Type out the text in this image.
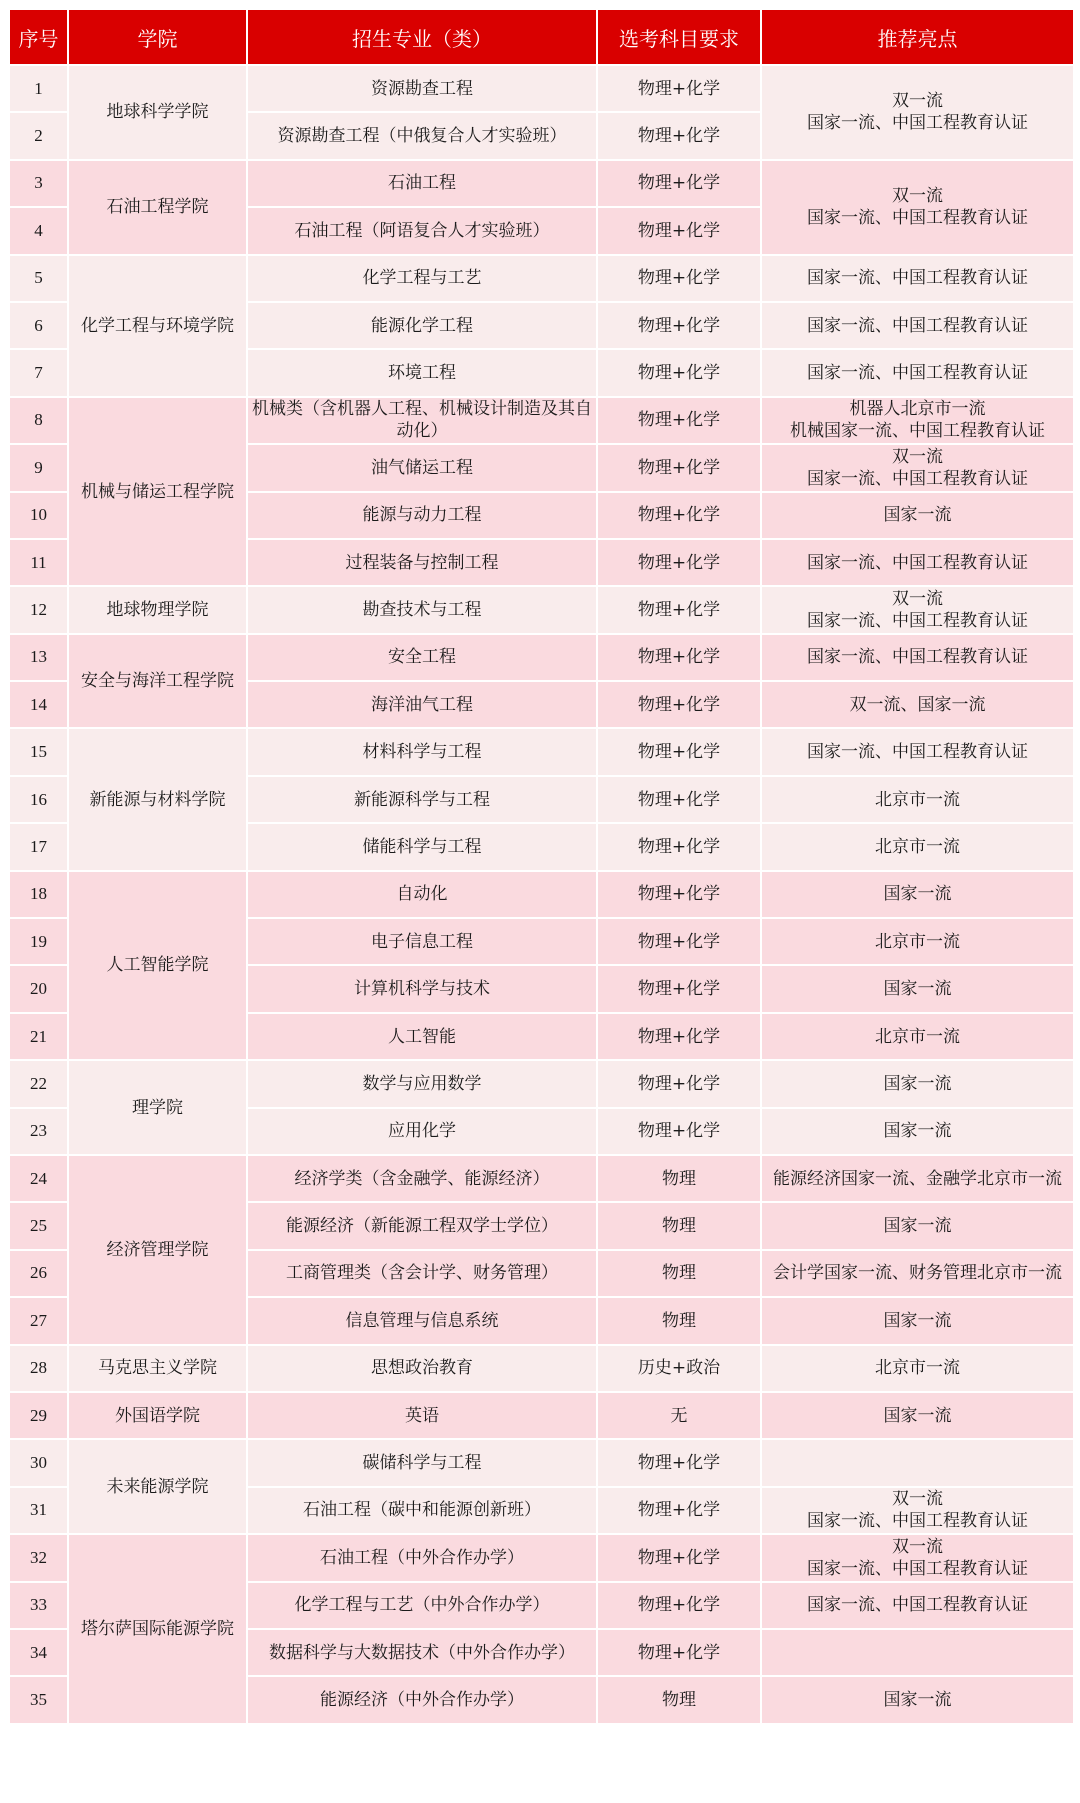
序号	学院	招生专业（类）	选考科目要求	推荐亮点
1	地球科学学院	资源勘查工程	物理+化学	双一流
国家一流、中国工程教育认证

2		资源勘查工程（中俄复合人才实验班）	物理+化学	
3	石油工程学院	石油工程	物理+化学	双一流
国家一流、中国工程教育认证

4		石油工程（阿语复合人才实验班）	物理+化学	
5	化学工程与环境学院	化学工程与工艺	物理+化学	国家一流、中国工程教育认证
6		能源化学工程	物理+化学	国家一流、中国工程教育认证
7		环境工程	物理+化学	国家一流、中国工程教育认证
8	机械与储运工程学院	机械类（含机器人工程、机械设计制造及其自动化）	物理+化学	机器人北京市一流
机械国家一流、中国工程教育认证

9		油气储运工程	物理+化学	双一流
国家一流、中国工程教育认证

10		能源与动力工程	物理+化学	国家一流
11		过程装备与控制工程	物理+化学	国家一流、中国工程教育认证
12	地球物理学院	勘查技术与工程	物理+化学	双一流
国家一流、中国工程教育认证

13	安全与海洋工程学院	安全工程	物理+化学	国家一流、中国工程教育认证
14		海洋油气工程	物理+化学	双一流、国家一流
15	新能源与材料学院	材料科学与工程	物理+化学	国家一流、中国工程教育认证
16		新能源科学与工程	物理+化学	北京市一流
17		储能科学与工程	物理+化学	北京市一流
18	人工智能学院	自动化	物理+化学	国家一流
19		电子信息工程	物理+化学	北京市一流
20		计算机科学与技术	物理+化学	国家一流
21		人工智能	物理+化学	北京市一流
22	理学院	数学与应用数学	物理+化学	国家一流
23		应用化学	物理+化学	国家一流
24	经济管理学院	经济学类（含金融学、能源经济）	物理	能源经济国家一流、金融学北京市一流
25		能源经济（新能源工程双学士学位）	物理	国家一流
26		工商管理类（含会计学、财务管理）	物理	会计学国家一流、财务管理北京市一流
27		信息管理与信息系统	物理	国家一流
28	马克思主义学院	思想政治教育	历史+政治	北京市一流
29	外国语学院	英语	无	国家一流
30	未来能源学院	碳储科学与工程	物理+化学	
31		石油工程（碳中和能源创新班）	物理+化学	双一流
国家一流、中国工程教育认证

32	塔尔萨国际能源学院	石油工程（中外合作办学）	物理+化学	双一流
国家一流、中国工程教育认证

33		化学工程与工艺（中外合作办学）	物理+化学	国家一流、中国工程教育认证
34		数据科学与大数据技术（中外合作办学）	物理+化学	
35		能源经济（中外合作办学）	物理	国家一流
